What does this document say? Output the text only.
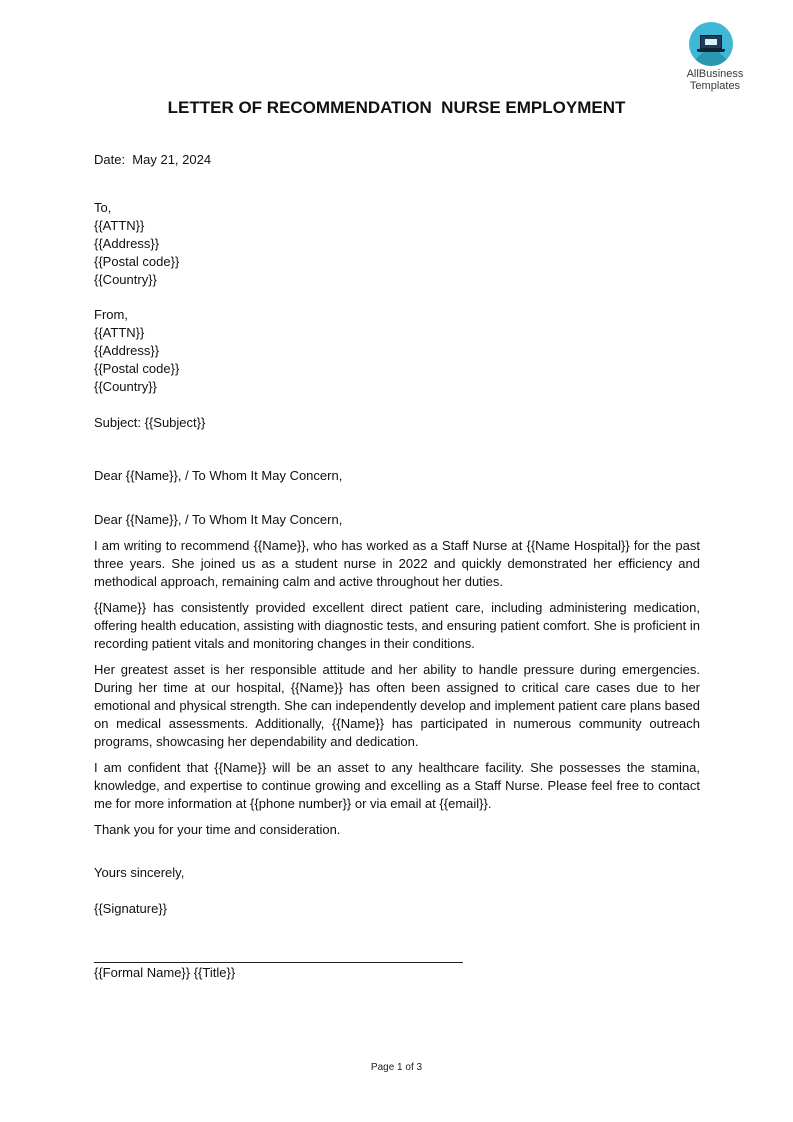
AllBusiness
Templates
LETTER OF RECOMMENDATION  NURSE EMPLOYMENT
Date:  May 21, 2024
To,
{{ATTN}}
{{Address}}
{{Postal code}}
{{Country}}
From,
{{ATTN}}
{{Address}}
{{Postal code}}
{{Country}}
Subject: {{Subject}}
Dear {{Name}}, / To Whom It May Concern,
Dear {{Name}}, / To Whom It May Concern,

I am writing to recommend {{Name}}, who has worked as a Staff Nurse at {{Name Hospital}} for the past three years. She joined us as a student nurse in 2022 and quickly demonstrated her efficiency and methodical approach, remaining calm and active throughout her duties.

{{Name}} has consistently provided excellent direct patient care, including administering medication, offering health education, assisting with diagnostic tests, and ensuring patient comfort. She is proficient in recording patient vitals and monitoring changes in their conditions.

Her greatest asset is her responsible attitude and her ability to handle pressure during emergencies. During her time at our hospital, {{Name}} has often been assigned to critical care cases due to her emotional and physical strength. She can independently develop and implement patient care plans based on medical assessments. Additionally, {{Name}} has participated in numerous community outreach programs, showcasing her dependability and dedication.

I am confident that {{Name}} will be an asset to any healthcare facility. She possesses the stamina, knowledge, and expertise to continue growing and excelling as a Staff Nurse. Please feel free to contact me for more information at {{phone number}} or via email at {{email}}.

Thank you for your time and consideration.

Yours sincerely,
{{Signature}}
{{Formal Name}} {{Title}}
Page 1 of 3
